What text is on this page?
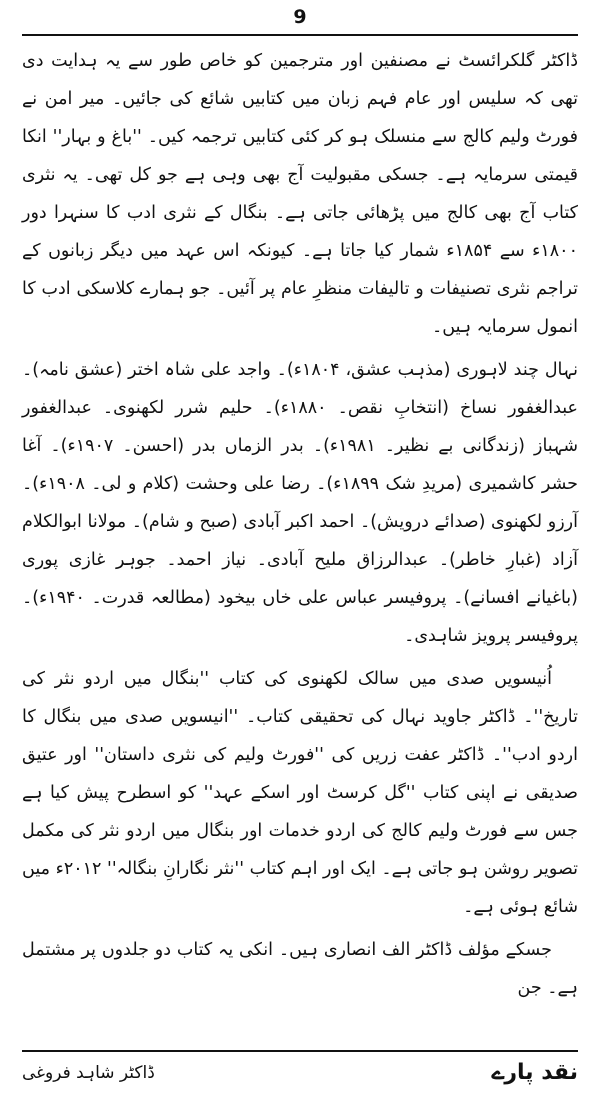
9

ڈاکٹر گلکرائسٹ نے مصنفین اور مترجمین کو خاص طور سے یہ ہدایت دی تھی کہ سلیس اور عام فہم زبان میں کتابیں شائع کی جائیں۔ میر امن نے فورٹ ولیم کالج سے منسلک ہو کر کئی کتابیں ترجمہ کیں۔ ''باغ و بہار'' انکا قیمتی سرمایہ ہے۔ جسکی مقبولیت آج بھی وہی ہے جو کل تھی۔ یہ نثری کتاب آج بھی کالج میں پڑھائی جاتی ہے۔ بنگال کے نثری ادب کا سنہرا دور ۱۸۰۰ء سے ۱۸۵۴ء شمار کیا جاتا ہے۔ کیونکہ اس عہد میں دیگر زبانوں کے تراجم نثری تصنیفات و تالیفات منظرِ عام پر آئیں۔ جو ہمارے کلاسکی ادب کا انمول سرمایہ ہیں۔

نہال چند لاہوری (مذہب عشق، ۱۸۰۴ء)۔ واجد علی شاہ اختر (عشق نامہ)۔ عبدالغفور نساخ (انتخابِ نقص۔ ۱۸۸۰ء)۔ حلیم شرر لکھنوی۔ عبدالغفور شہباز (زندگانی بے نظیر۔ ۱۹۸۱ء)۔ بدر الزماں بدر (احسن۔ ۱۹۰۷ء)۔ آغا حشر کاشمیری (مریدِ شک ۱۸۹۹ء)۔ رضا علی وحشت (کلام و لی۔ ۱۹۰۸ء)۔ آرزو لکھنوی (صدائے درویش)۔ احمد اکبر آبادی (صبح و شام)۔ مولانا ابوالکلام آزاد (غبارِ خاطر)۔ عبدالرزاق ملیح آبادی۔ نیاز احمد۔ جوہر غازی پوری (باغیانے افسانے)۔ پروفیسر عباس علی خاں بیخود (مطالعہ قدرت۔ ۱۹۴۰ء)۔ پروفیسر پرویز شاہدی۔

اُنیسویں صدی میں سالک لکھنوی کی کتاب ''بنگال میں اردو نثر کی تاریخ''۔ ڈاکٹر جاوید نہال کی تحقیقی کتاب۔ ''انیسویں صدی میں بنگال کا اردو ادب''۔ ڈاکٹر عفت زریں کی ''فورٹ ولیم کی نثری داستان'' اور عتیق صدیقی نے اپنی کتاب ''گل کرسٹ اور اسکے عہد'' کو اسطرح پیش کیا ہے جس سے فورٹ ولیم کالج کی اردو خدمات اور بنگال میں اردو نثر کی مکمل تصویر روشن ہو جاتی ہے۔ ایک اور اہم کتاب ''نثر نگارانِ بنگالہ'' ۲۰۱۲ء میں شائع ہوئی ہے۔

جسکے مؤلف ڈاکٹر الف انصاری ہیں۔ انکی یہ کتاب دو جلدوں پر مشتمل ہے۔ جن

نقد پارے
ڈاکٹر شاہد فروغی
